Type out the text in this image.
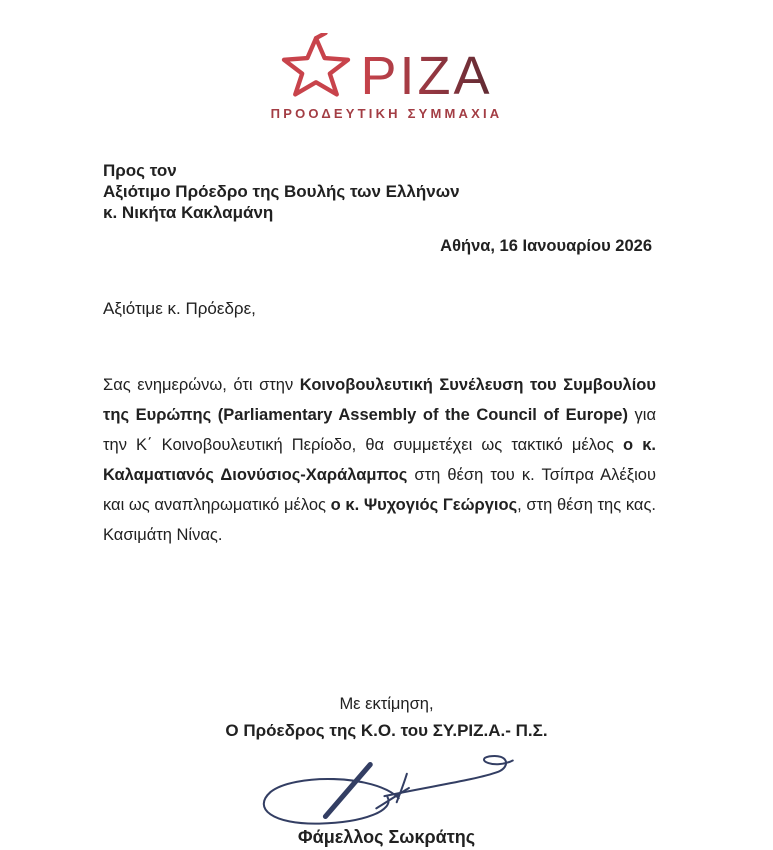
ΡΙΖΑ
ΠΡΟΟΔΕΥΤΙΚΗ ΣΥΜΜΑΧΙΑ
Προς τον
Αξιότιμο Πρόεδρο της Βουλής των Ελλήνων
κ. Νικήτα Κακλαμάνη
Αθήνα, 16 Ιανουαρίου 2026
Αξιότιμε κ. Πρόεδρε,
Σας ενημερώνω, ότι στην Κοινοβουλευτική Συνέλευση του Συμβουλίου της Ευρώπης (Parliamentary Assembly of the Council of Europe) για την Κ΄ Κοινοβουλευτική Περίοδο, θα συμμετέχει ως τακτικό μέλος ο κ. Καλαματιανός Διονύσιος-Χαράλαμπος στη θέση του κ. Τσίπρα Αλέξιου και ως αναπληρωματικό μέλος ο κ. Ψυχογιός Γεώργιος, στη θέση της κας. Κασιμάτη Νίνας.
Με εκτίμηση,
Ο Πρόεδρος της Κ.Ο. του ΣΥ.ΡΙΖ.Α.- Π.Σ.
Φάμελλος Σωκράτης
